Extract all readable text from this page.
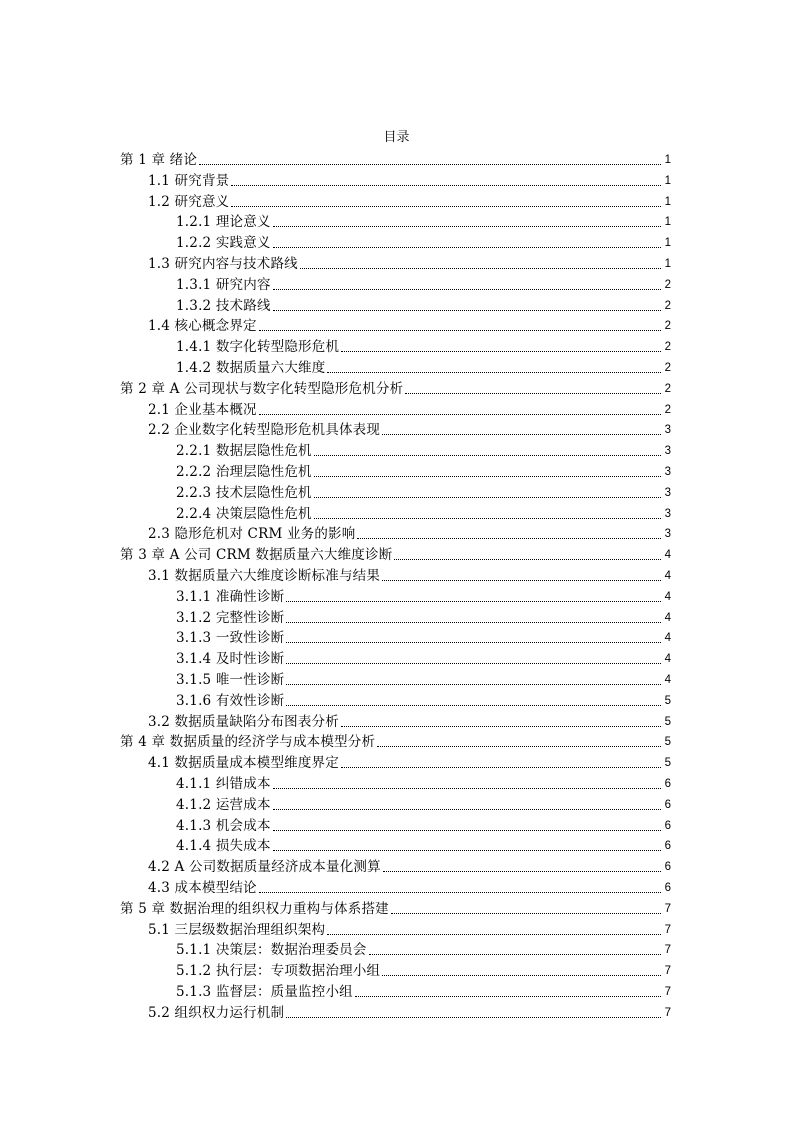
目录
第 1 章 绪论	1
1.1 研究背景	1
1.2 研究意义	1
1.2.1 理论意义	1
1.2.2 实践意义	1
1.3 研究内容与技术路线	1
1.3.1 研究内容	2
1.3.2 技术路线	2
1.4 核心概念界定	2
1.4.1 数字化转型隐形危机	2
1.4.2 数据质量六大维度	2
第 2 章 A 公司现状与数字化转型隐形危机分析	2
2.1 企业基本概况	2
2.2 企业数字化转型隐形危机具体表现	3
2.2.1 数据层隐性危机	3
2.2.2 治理层隐性危机	3
2.2.3 技术层隐性危机	3
2.2.4 决策层隐性危机	3
2.3 隐形危机对 CRM 业务的影响	3
第 3 章 A 公司 CRM 数据质量六大维度诊断	4
3.1 数据质量六大维度诊断标准与结果	4
3.1.1 准确性诊断	4
3.1.2 完整性诊断	4
3.1.3 一致性诊断	4
3.1.4 及时性诊断	4
3.1.5 唯一性诊断	4
3.1.6 有效性诊断	5
3.2 数据质量缺陷分布图表分析	5
第 4 章 数据质量的经济学与成本模型分析	5
4.1 数据质量成本模型维度界定	5
4.1.1 纠错成本	6
4.1.2 运营成本	6
4.1.3 机会成本	6
4.1.4 损失成本	6
4.2 A 公司数据质量经济成本量化测算	6
4.3 成本模型结论	6
第 5 章 数据治理的组织权力重构与体系搭建	7
5.1 三层级数据治理组织架构	7
5.1.1 决策层：数据治理委员会	7
5.1.2 执行层：专项数据治理小组	7
5.1.3 监督层：质量监控小组	7
5.2 组织权力运行机制	7
